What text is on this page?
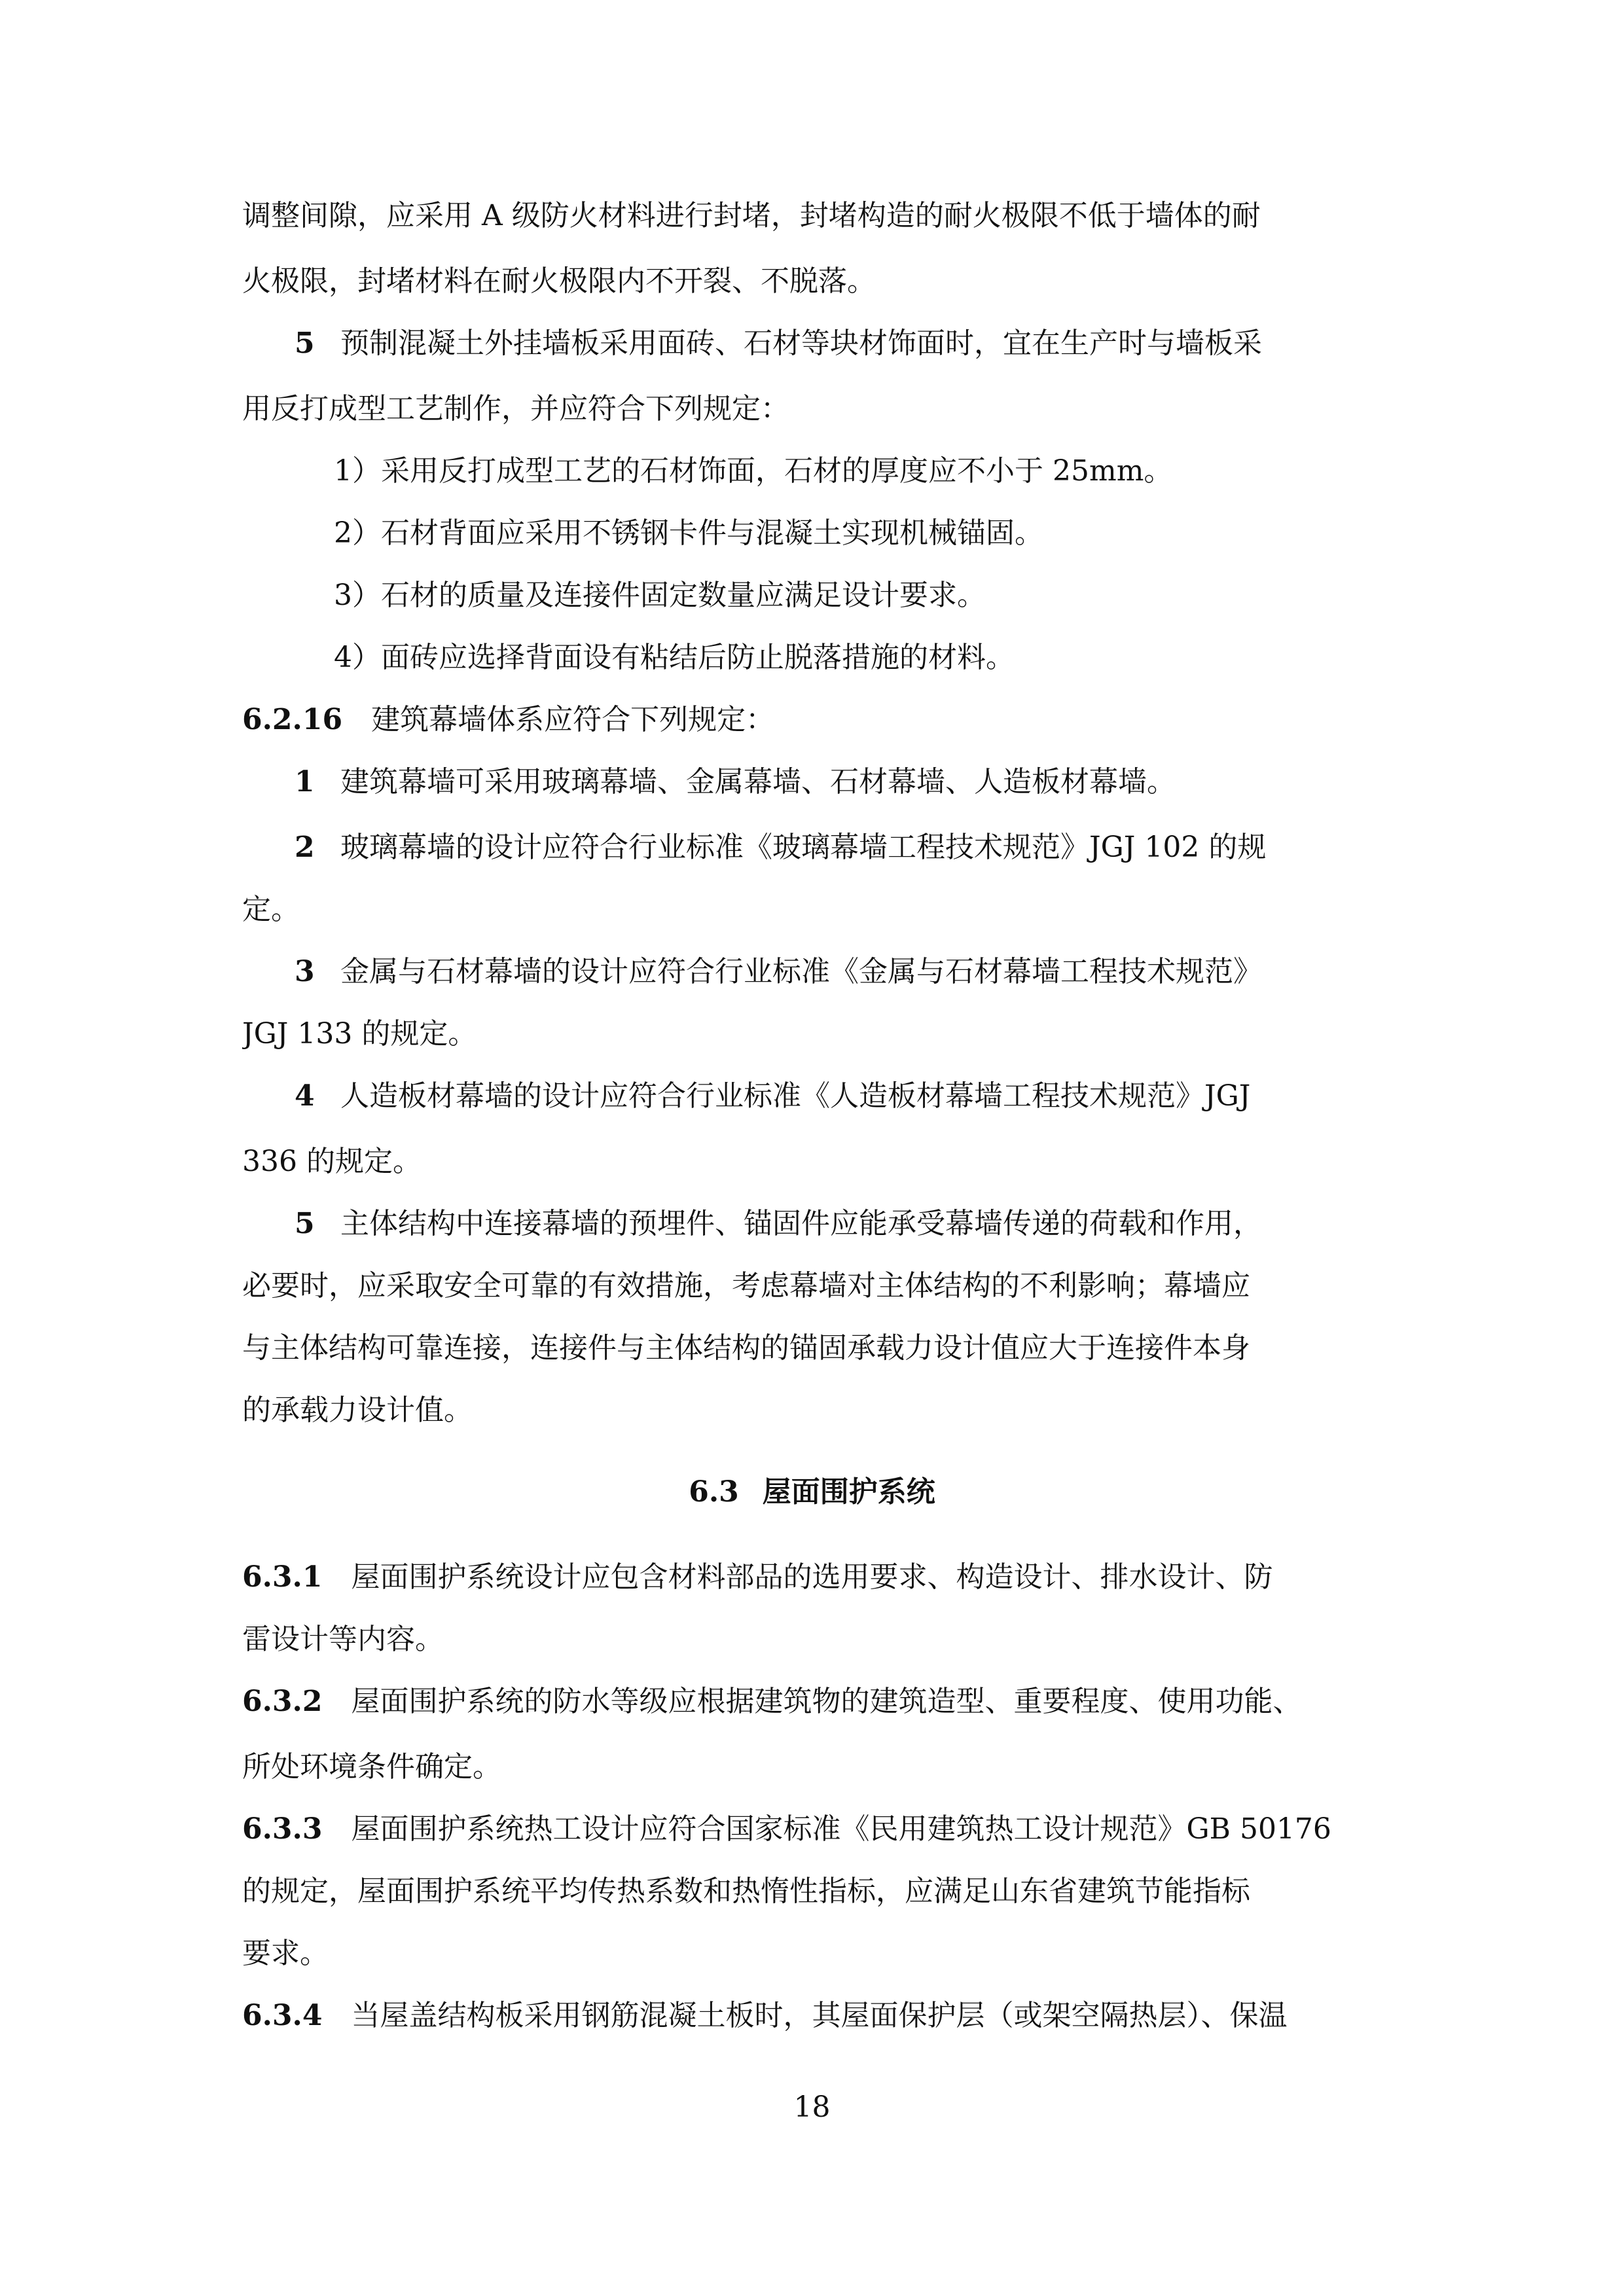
调整间隙，应采用 A 级防火材料进行封堵，封堵构造的耐火极限不低于墙体的耐
火极限，封堵材料在耐火极限内不开裂、不脱落。
5 预制混凝土外挂墙板采用面砖、石材等块材饰面时，宜在生产时与墙板采
用反打成型工艺制作，并应符合下列规定：
1）采用反打成型工艺的石材饰面，石材的厚度应不小于 25mm。
2）石材背面应采用不锈钢卡件与混凝土实现机械锚固。
3）石材的质量及连接件固定数量应满足设计要求。
4）面砖应选择背面设有粘结后防止脱落措施的材料。
6.2.16 建筑幕墙体系应符合下列规定：
1 建筑幕墙可采用玻璃幕墙、金属幕墙、石材幕墙、人造板材幕墙。
2 玻璃幕墙的设计应符合行业标准《玻璃幕墙工程技术规范》JGJ 102 的规
定。
3 金属与石材幕墙的设计应符合行业标准《金属与石材幕墙工程技术规范》
JGJ 133 的规定。
4 人造板材幕墙的设计应符合行业标准《人造板材幕墙工程技术规范》JGJ
336 的规定。
5 主体结构中连接幕墙的预埋件、锚固件应能承受幕墙传递的荷载和作用，
必要时，应采取安全可靠的有效措施，考虑幕墙对主体结构的不利影响；幕墙应
与主体结构可靠连接，连接件与主体结构的锚固承载力设计值应大于连接件本身
的承载力设计值。
6.3 屋面围护系统
6.3.1 屋面围护系统设计应包含材料部品的选用要求、构造设计、排水设计、防
雷设计等内容。
6.3.2 屋面围护系统的防水等级应根据建筑物的建筑造型、重要程度、使用功能、
所处环境条件确定。
6.3.3 屋面围护系统热工设计应符合国家标准《民用建筑热工设计规范》GB 50176
的规定，屋面围护系统平均传热系数和热惰性指标，应满足山东省建筑节能指标
要求。
6.3.4 当屋盖结构板采用钢筋混凝土板时，其屋面保护层（或架空隔热层）、保温
18
